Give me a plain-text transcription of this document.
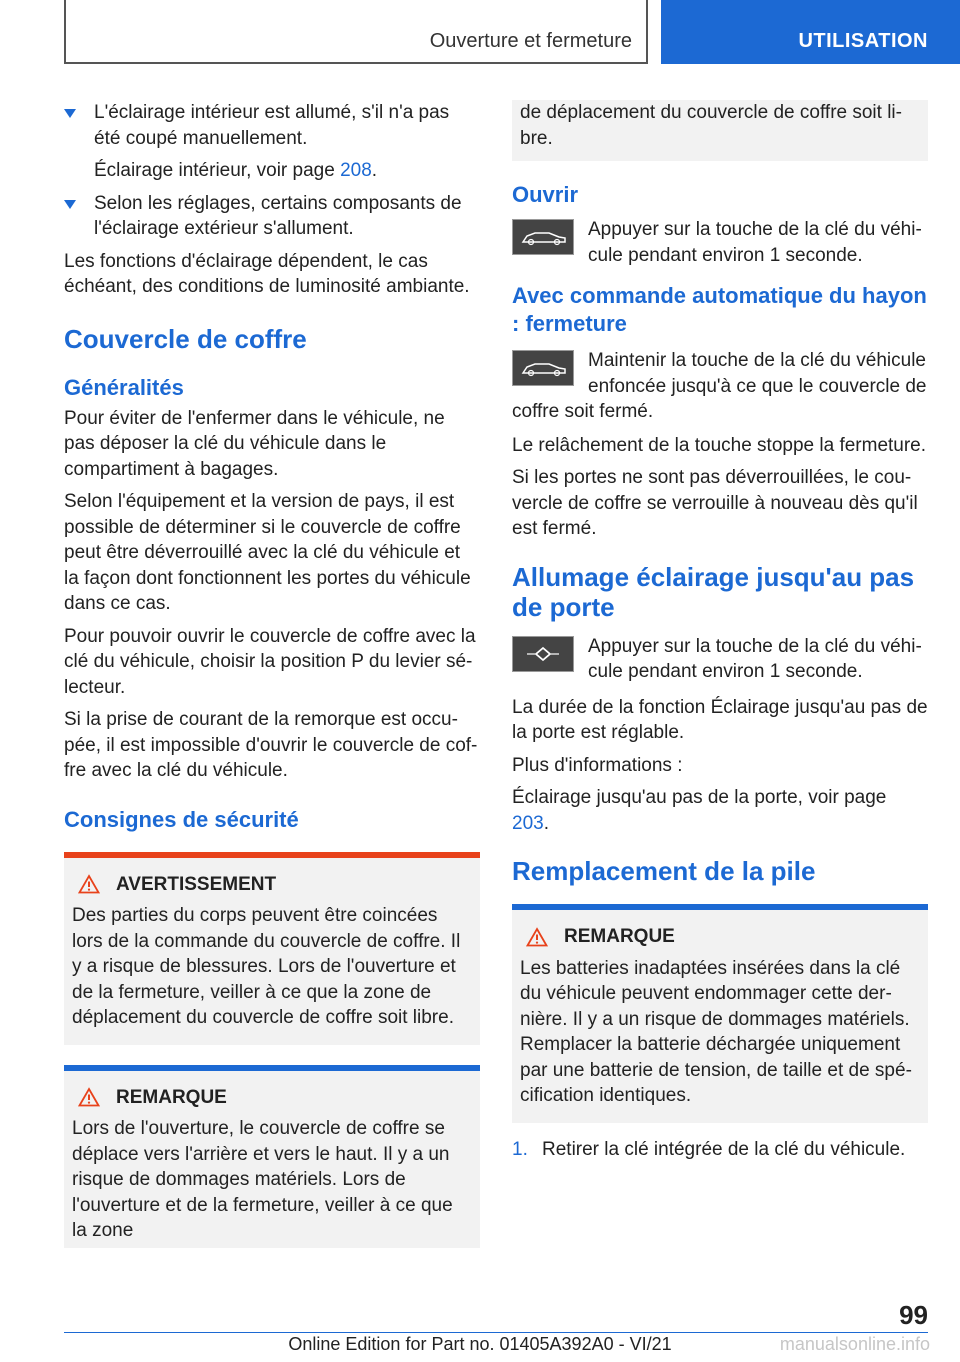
Ouverture et fermeture	UTILISATION
L'éclairage intérieur est allumé, s'il n'a pas été coupé manuellement.

Éclairage intérieur, voir page 208.

Selon les réglages, certains composants de l'éclairage extérieur s'allument.

Les fonctions d'éclairage dépendent, le cas échéant, des conditions de luminosité ambiante.

Couvercle de coffre
Généralités

Pour éviter de l'enfermer dans le véhicule, ne pas déposer la clé du véhicule dans le compartiment à bagages.

Selon l'équipement et la version de pays, il est possible de déterminer si le couvercle de coffre peut être déverrouillé avec la clé du véhicule et la façon dont fonctionnent les portes du véhicule dans ce cas.

Pour pouvoir ouvrir le couvercle de coffre avec la clé du véhicule, choisir la position P du levier sélecteur.

Si la prise de courant de la remorque est occupée, il est impossible d'ouvrir le couvercle de coffre avec la clé du véhicule.

Consignes de sécurité
AVERTISSEMENT
Des parties du corps peuvent être coincées lors de la commande du couvercle de coffre. Il y a risque de blessures. Lors de l'ouverture et de la fermeture, veiller à ce que la zone de déplacement du couvercle de coffre soit libre.
REMARQUE
Lors de l'ouverture, le couvercle de coffre se déplace vers l'arrière et vers le haut. Il y a un risque de dommages matériels. Lors de l'ouverture et de la fermeture, veiller à ce que la zone
de déplacement du couvercle de coffre soit libre.
Ouvrir
Appuyer sur la touche de la clé du véhicule pendant environ 1 seconde.
Avec commande automatique du hayon : fermeture
Maintenir la touche de la clé du véhicule enfoncée jusqu'à ce que le couvercle de coffre soit fermé.

Le relâchement de la touche stoppe la fermeture.

Si les portes ne sont pas déverrouillées, le couvercle de coffre se verrouille à nouveau dès qu'il est fermé.

Allumage éclairage jusqu'au pas de porte
Appuyer sur la touche de la clé du véhicule pendant environ 1 seconde.

La durée de la fonction Éclairage jusqu'au pas de la porte est réglable.

Plus d'informations :

Éclairage jusqu'au pas de la porte, voir page 203.

Remplacement de la pile
REMARQUE
Les batteries inadaptées insérées dans la clé du véhicule peuvent endommager cette dernière. Il y a un risque de dommages matériels. Remplacer la batterie déchargée uniquement par une batterie de tension, de taille et de spécification identiques.
1. Retirer la clé intégrée de la clé du véhicule.
99
Online Edition for Part no. 01405A392A0 - VI/21	manualsonline.info
